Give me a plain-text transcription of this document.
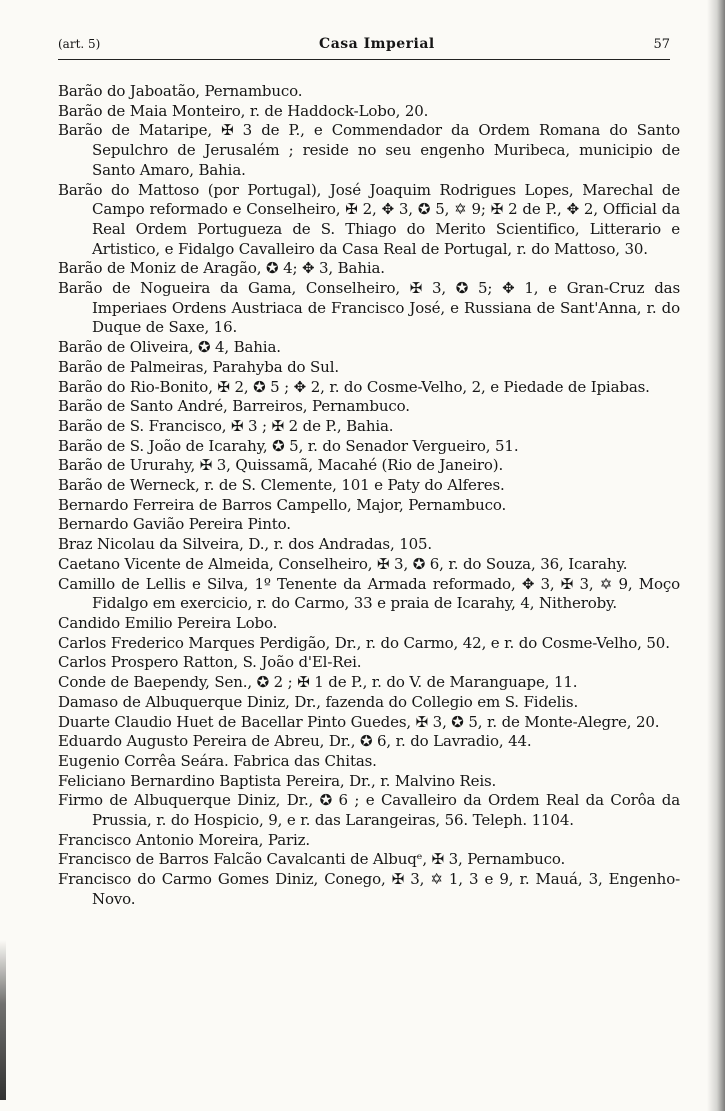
(art. 5)	Casa Imperial	57

Barão do Jaboatão, Pernambuco.

Barão de Maia Monteiro, r. de Haddock-Lobo, 20.

Barão de Mataripe, ✠ 3 de P., e Commendador da Ordem Romana do Santo Sepulchro de Jerusalém ; reside no seu engenho Muribeca, municipio de Santo Amaro, Bahia.

Barão do Mattoso (por Portugal), José Joaquim Rodrigues Lopes, Marechal de Campo reformado e Conselheiro, ✠ 2, ✥ 3, ✪ 5, ✡ 9; ✠ 2 de P., ✥ 2, Official da Real Ordem Portugueza de S. Thiago do Merito Scientifico, Litterario e Artistico, e Fidalgo Cavalleiro da Casa Real de Portugal, r. do Mattoso, 30.

Barão de Moniz de Aragão, ✪ 4; ✥ 3, Bahia.

Barão de Nogueira da Gama, Conselheiro, ✠ 3, ✪ 5; ✥ 1, e Gran-Cruz das Imperiaes Ordens Austriaca de Francisco José, e Russiana de Sant'Anna, r. do Duque de Saxe, 16.

Barão de Oliveira, ✪ 4, Bahia.

Barão de Palmeiras, Parahyba do Sul.

Barão do Rio-Bonito, ✠ 2, ✪ 5 ; ✥ 2, r. do Cosme-Velho, 2, e Piedade de Ipiabas.

Barão de Santo André, Barreiros, Pernambuco.

Barão de S. Francisco, ✠ 3 ; ✠ 2 de P., Bahia.

Barão de S. João de Icarahy, ✪ 5, r. do Senador Vergueiro, 51.

Barão de Ururahy, ✠ 3, Quissamã, Macahé (Rio de Janeiro).

Barão de Werneck, r. de S. Clemente, 101 e Paty do Alferes.

Bernardo Ferreira de Barros Campello, Major, Pernambuco.

Bernardo Gavião Pereira Pinto.

Braz Nicolau da Silveira, D., r. dos Andradas, 105.

Caetano Vicente de Almeida, Conselheiro, ✠ 3, ✪ 6, r. do Souza, 36, Icarahy.

Camillo de Lellis e Silva, 1º Tenente da Armada reformado, ✥ 3, ✠ 3, ✡ 9, Moço Fidalgo em exercicio, r. do Carmo, 33 e praia de Icarahy, 4, Nitheroby.

Candido Emilio Pereira Lobo.

Carlos Frederico Marques Perdigão, Dr., r. do Carmo, 42, e r. do Cosme-Velho, 50.

Carlos Prospero Ratton, S. João d'El-Rei.

Conde de Baependy, Sen., ✪ 2 ; ✠ 1 de P., r. do V. de Maranguape, 11.

Damaso de Albuquerque Diniz, Dr., fazenda do Collegio em S. Fidelis.

Duarte Claudio Huet de Bacellar Pinto Guedes, ✠ 3, ✪ 5, r. de Monte-Alegre, 20.

Eduardo Augusto Pereira de Abreu, Dr., ✪ 6, r. do Lavradio, 44.

Eugenio Corrêa Seára. Fabrica das Chitas.

Feliciano Bernardino Baptista Pereira, Dr., r. Malvino Reis.

Firmo de Albuquerque Diniz, Dr., ✪ 6 ; e Cavalleiro da Ordem Real da Corôa da Prussia, r. do Hospicio, 9, e r. das Larangeiras, 56. Teleph. 1104.

Francisco Antonio Moreira, Pariz.

Francisco de Barros Falcão Cavalcanti de Albuqᵉ, ✠ 3, Pernambuco.

Francisco do Carmo Gomes Diniz, Conego, ✠ 3, ✡ 1, 3 e 9, r. Mauá, 3, Engenho-Novo.
